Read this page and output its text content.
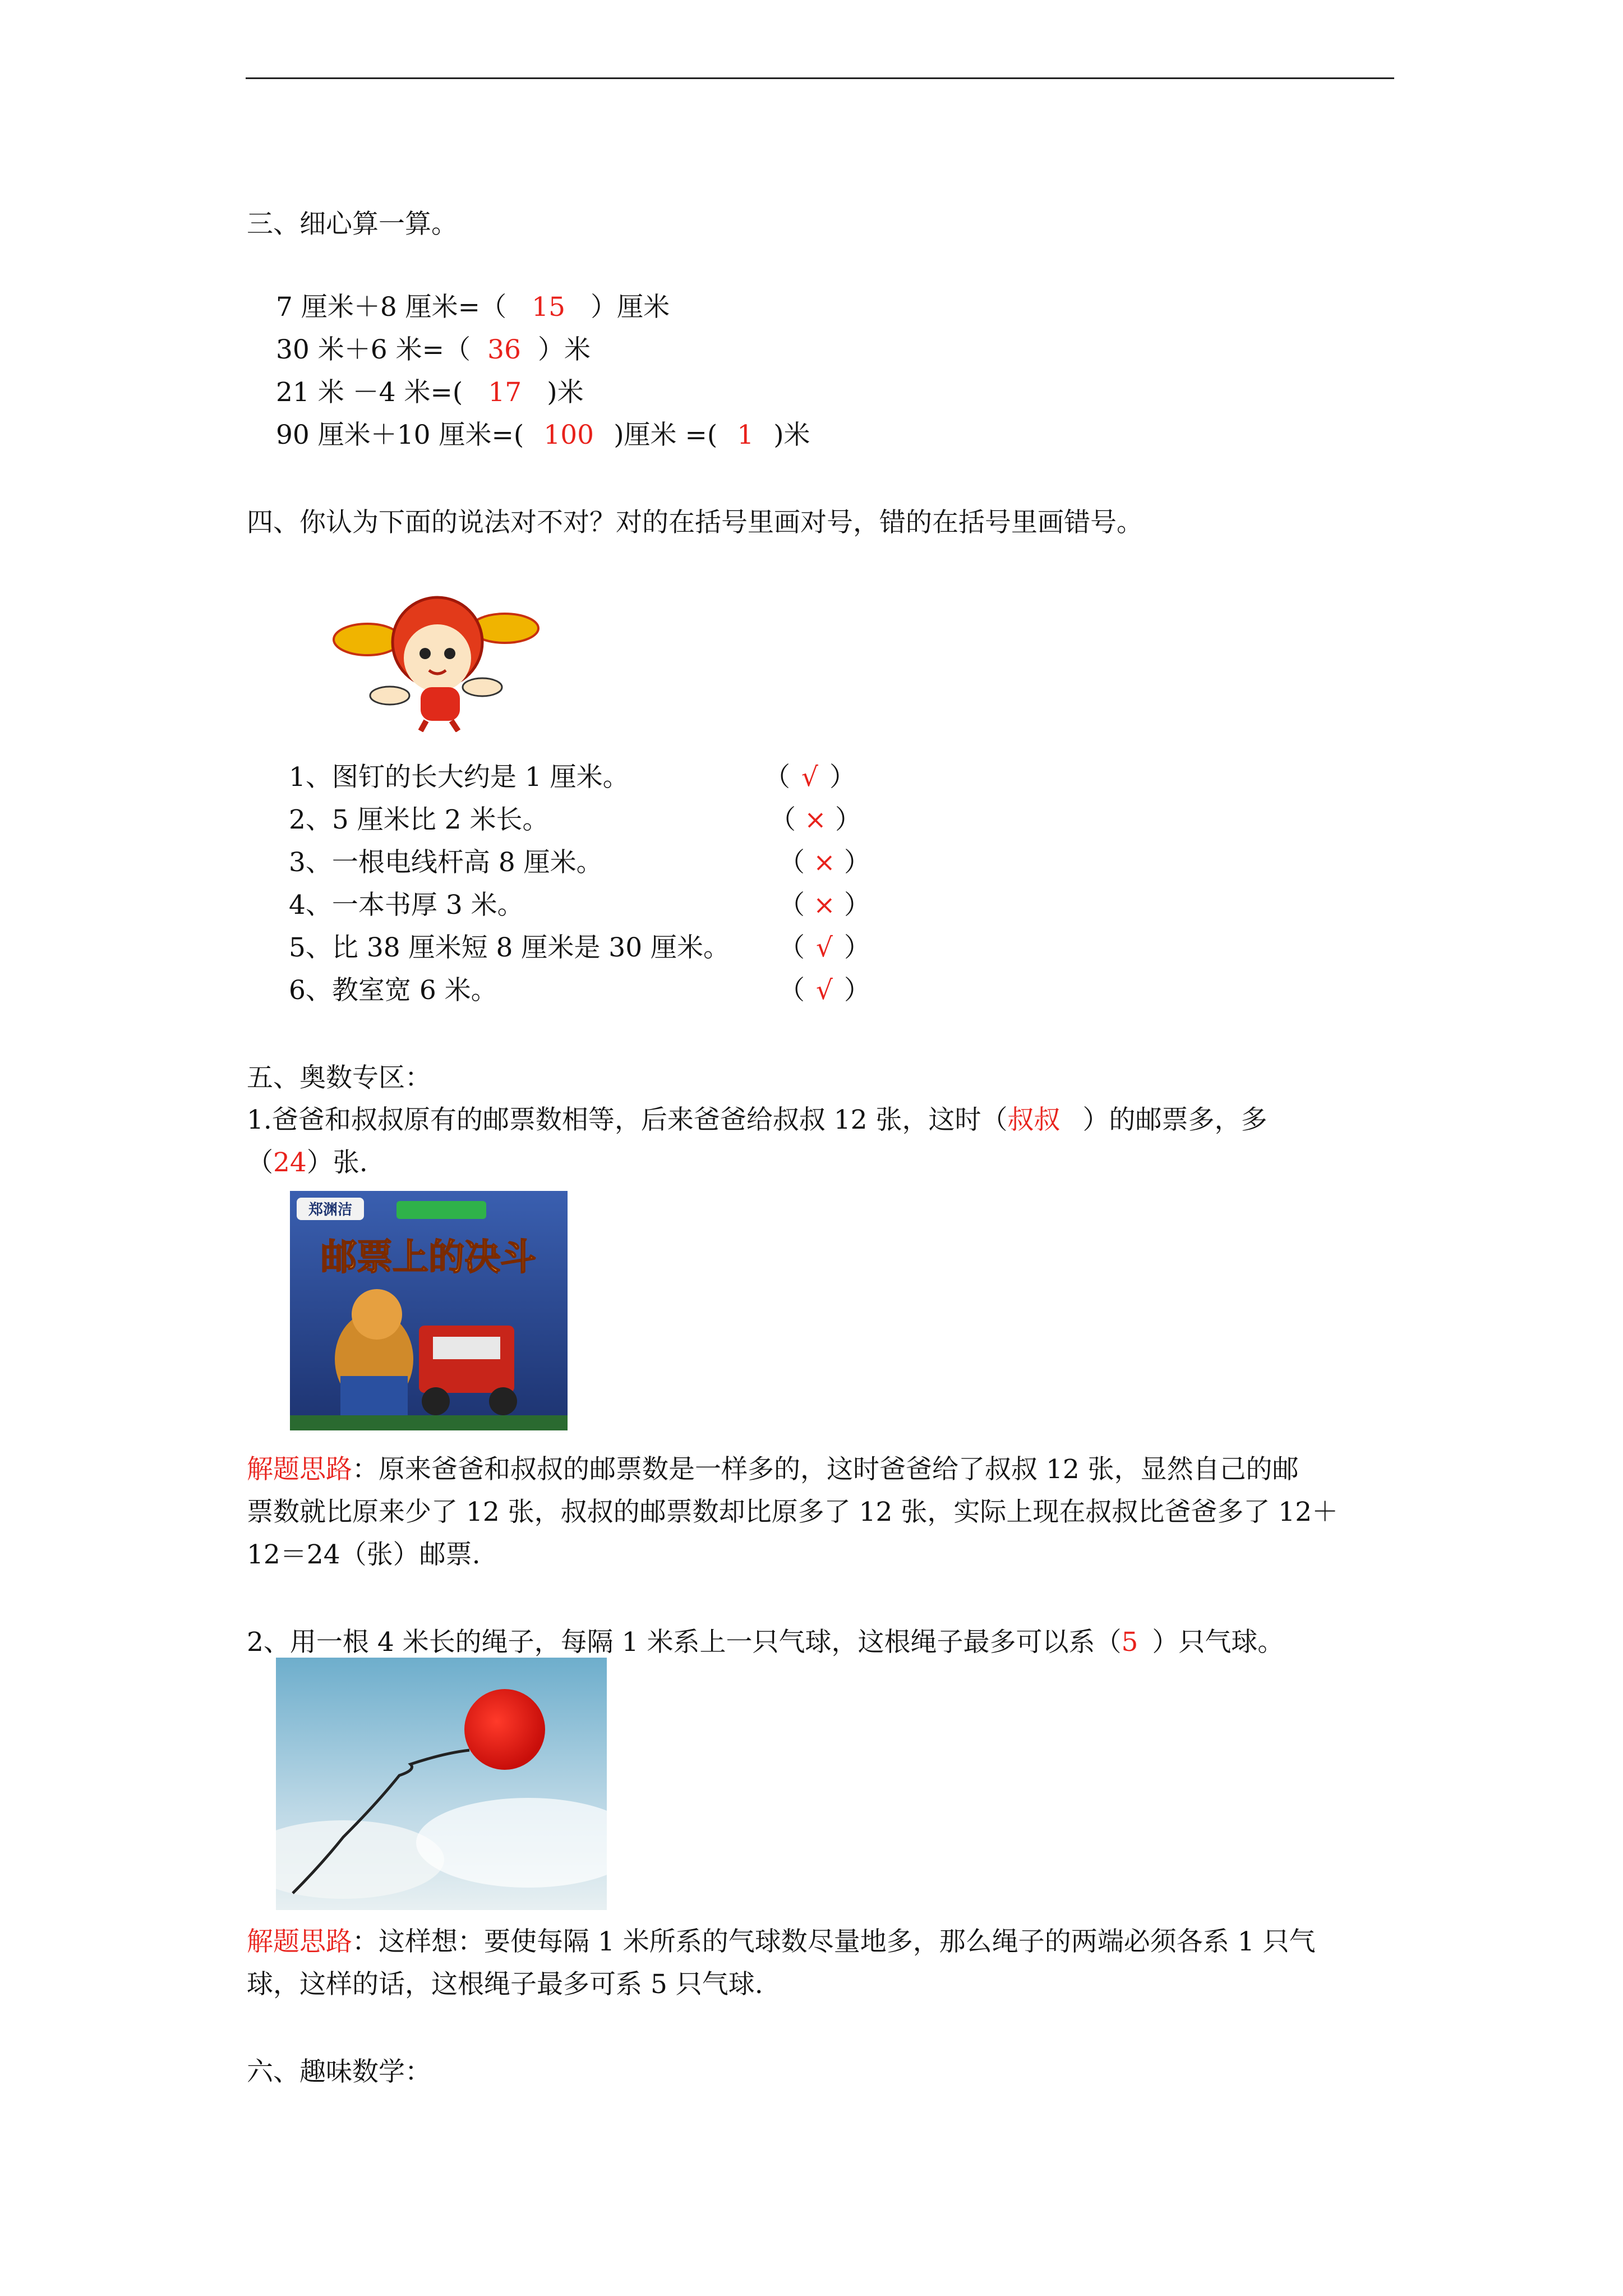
三、细心算一算。
7 厘米＋8 厘米=（ 15 ）厘米
30 米＋6 米=（ 36 ）米
21 米 －4 米=( 17 )米
90 厘米＋10 厘米=( 100 )厘米 =( 1 )米
四、你认为下面的说法对不对？对的在括号里画对号，错的在括号里画错号。
1、图钉的长大约是 1 厘米。	（ √ ）
2、5 厘米比 2 米长。	（ × ）
3、一根电线杆高 8 厘米。	（ × ）
4、一本书厚 3 米。	（ × ）
5、比 38 厘米短 8 厘米是 30 厘米。 （ √ ）
6、教室宽 6 米。	（ √ ）
五、奥数专区：
1.爸爸和叔叔原有的邮票数相等，后来爸爸给叔叔 12 张，这时（叔叔 ）的邮票多，多
（24）张.
郑渊洁
邮票上的决斗
解题思路：原来爸爸和叔叔的邮票数是一样多的，这时爸爸给了叔叔 12 张，显然自己的邮
票数就比原来少了 12 张，叔叔的邮票数却比原多了 12 张，实际上现在叔叔比爸爸多了 12＋
12＝24（张）邮票.
2、用一根 4 米长的绳子，每隔 1 米系上一只气球，这根绳子最多可以系（5 ）只气球。
解题思路：这样想：要使每隔 1 米所系的气球数尽量地多，那么绳子的两端必须各系 1 只气
球，这样的话，这根绳子最多可系 5 只气球.
六、趣味数学：
